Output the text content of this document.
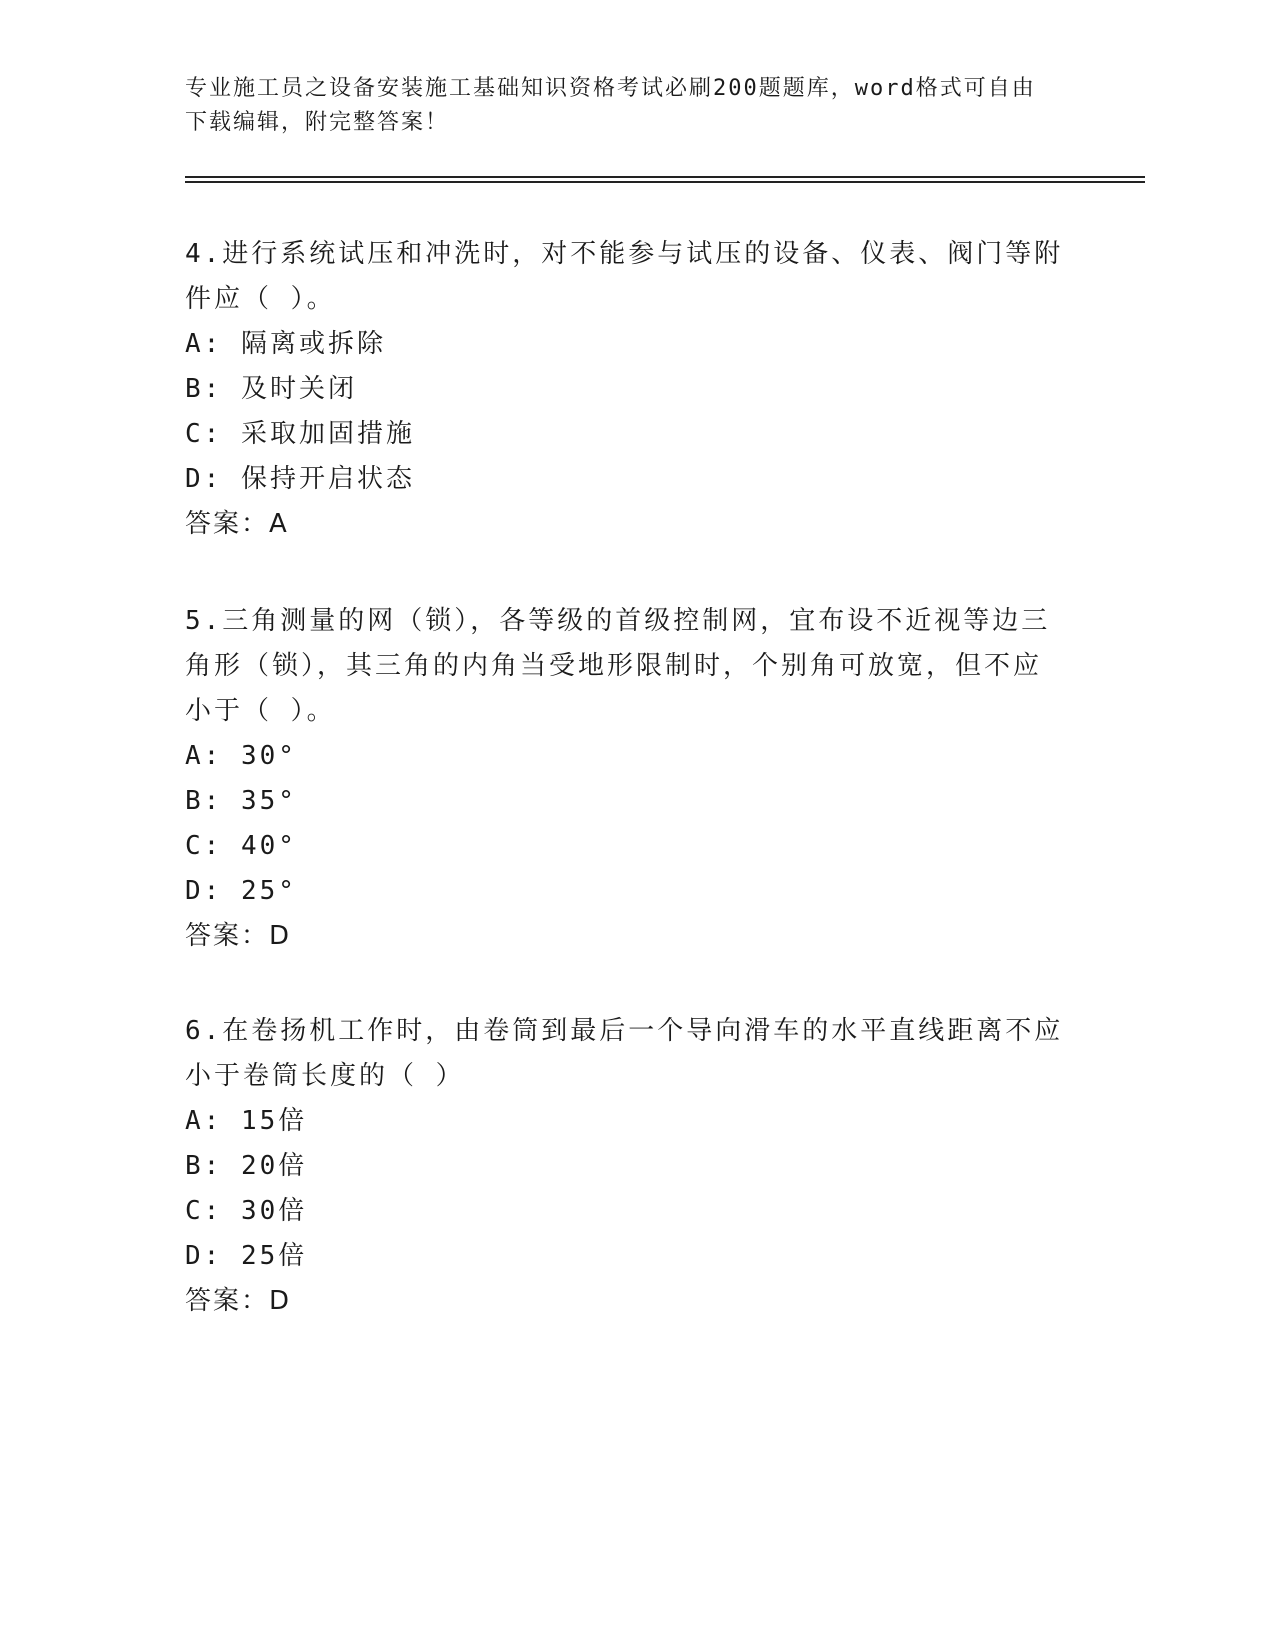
专业施工员之设备安装施工基础知识资格考试必刷200题题库，word格式可自由
下载编辑，附完整答案！
4.进行系统试压和冲洗时，对不能参与试压的设备、仪表、阀门等附
件应（ ）。
A: 隔离或拆除
B: 及时关闭
C: 采取加固措施
D: 保持开启状态
答案：A
5.三角测量的网（锁），各等级的首级控制网，宜布设不近视等边三
角形（锁），其三角的内角当受地形限制时，个别角可放宽，但不应
小于（ ）。
A: 30°
B: 35°
C: 40°
D: 25°
答案：D
6.在卷扬机工作时，由卷筒到最后一个导向滑车的水平直线距离不应
小于卷筒长度的（ ）
A: 15倍
B: 20倍
C: 30倍
D: 25倍
答案：D
